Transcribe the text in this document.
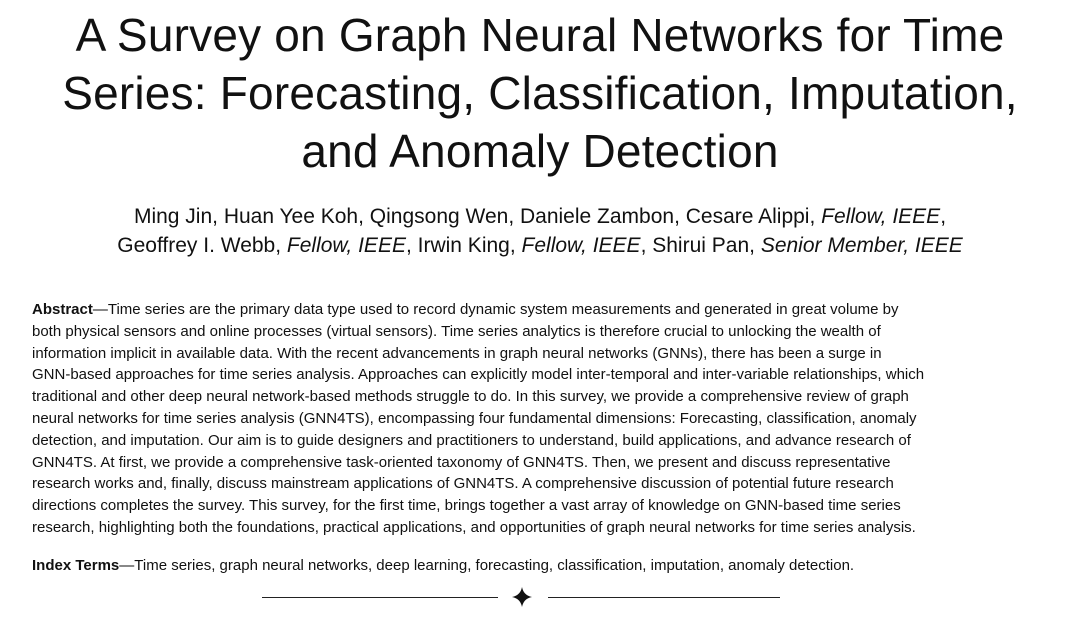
A Survey on Graph Neural Networks for Time
Series: Forecasting, Classification, Imputation,
and Anomaly Detection
Ming Jin, Huan Yee Koh, Qingsong Wen, Daniele Zambon, Cesare Alippi, Fellow, IEEE,
Geoffrey I. Webb, Fellow, IEEE, Irwin King, Fellow, IEEE, Shirui Pan, Senior Member, IEEE
Abstract—Time series are the primary data type used to record dynamic system measurements and generated in great volume by
both physical sensors and online processes (virtual sensors). Time series analytics is therefore crucial to unlocking the wealth of
information implicit in available data. With the recent advancements in graph neural networks (GNNs), there has been a surge in
GNN-based approaches for time series analysis. Approaches can explicitly model inter-temporal and inter-variable relationships, which
traditional and other deep neural network-based methods struggle to do. In this survey, we provide a comprehensive review of graph
neural networks for time series analysis (GNN4TS), encompassing four fundamental dimensions: Forecasting, classification, anomaly
detection, and imputation. Our aim is to guide designers and practitioners to understand, build applications, and advance research of
GNN4TS. At first, we provide a comprehensive task-oriented taxonomy of GNN4TS. Then, we present and discuss representative
research works and, finally, discuss mainstream applications of GNN4TS. A comprehensive discussion of potential future research
directions completes the survey. This survey, for the first time, brings together a vast array of knowledge on GNN-based time series
research, highlighting both the foundations, practical applications, and opportunities of graph neural networks for time series analysis.
Index Terms—Time series, graph neural networks, deep learning, forecasting, classification, imputation, anomaly detection.
